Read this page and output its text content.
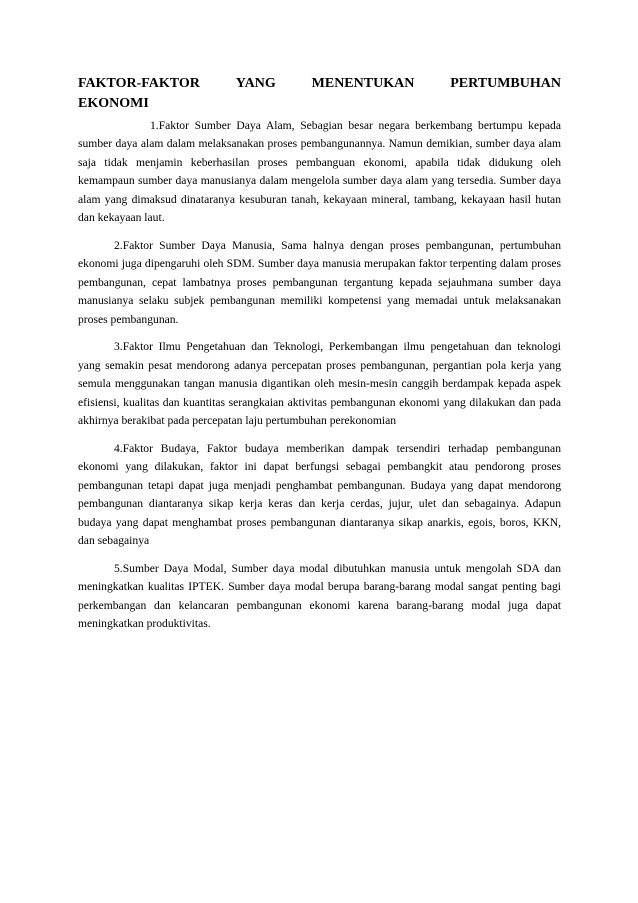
FAKTOR-FAKTOR	YANG	MENENTUKAN	PERTUMBUHAN
EKONOMI

1.Faktor Sumber Daya Alam, Sebagian besar negara berkembang bertumpu kepada sumber daya alam dalam melaksanakan proses pembangunannya. Namun demikian, sumber daya alam saja tidak menjamin keberhasilan proses pembanguan ekonomi, apabila tidak didukung oleh kemampaun sumber daya manusianya dalam mengelola sumber daya alam yang tersedia. Sumber daya alam yang dimaksud dinataranya kesuburan tanah, kekayaan mineral, tambang, kekayaan hasil hutan dan kekayaan laut.

2.Faktor Sumber Daya Manusia, Sama halnya dengan proses pembangunan, pertumbuhan ekonomi juga dipengaruhi oleh SDM. Sumber daya manusia merupakan faktor terpenting dalam proses pembangunan, cepat lambatnya proses pembangunan tergantung kepada sejauhmana sumber daya manusianya selaku subjek pembangunan memiliki kompetensi yang memadai untuk melaksanakan proses pembangunan.

3.Faktor Ilmu Pengetahuan dan Teknologi, Perkembangan ilmu pengetahuan dan teknologi yang semakin pesat mendorong adanya percepatan proses pembangunan, pergantian pola kerja yang semula menggunakan tangan manusia digantikan oleh mesin-mesin canggih berdampak kepada aspek efisiensi, kualitas dan kuantitas serangkaian aktivitas pembangunan ekonomi yang dilakukan dan pada akhirnya berakibat pada percepatan laju pertumbuhan perekonomian

4.Faktor Budaya, Faktor budaya memberikan dampak tersendiri terhadap pembangunan ekonomi yang dilakukan, faktor ini dapat berfungsi sebagai pembangkit atau pendorong proses pembangunan tetapi dapat juga menjadi penghambat pembangunan. Budaya yang dapat mendorong pembangunan diantaranya sikap kerja keras dan kerja cerdas, jujur, ulet dan sebagainya. Adapun budaya yang dapat menghambat proses pembangunan diantaranya sikap anarkis, egois, boros, KKN, dan sebagainya

5.Sumber Daya Modal, Sumber daya modal dibutuhkan manusia untuk mengolah SDA dan meningkatkan kualitas IPTEK. Sumber daya modal berupa barang-barang modal sangat penting bagi perkembangan dan kelancaran pembangunan ekonomi karena barang-barang modal juga dapat meningkatkan produktivitas.
